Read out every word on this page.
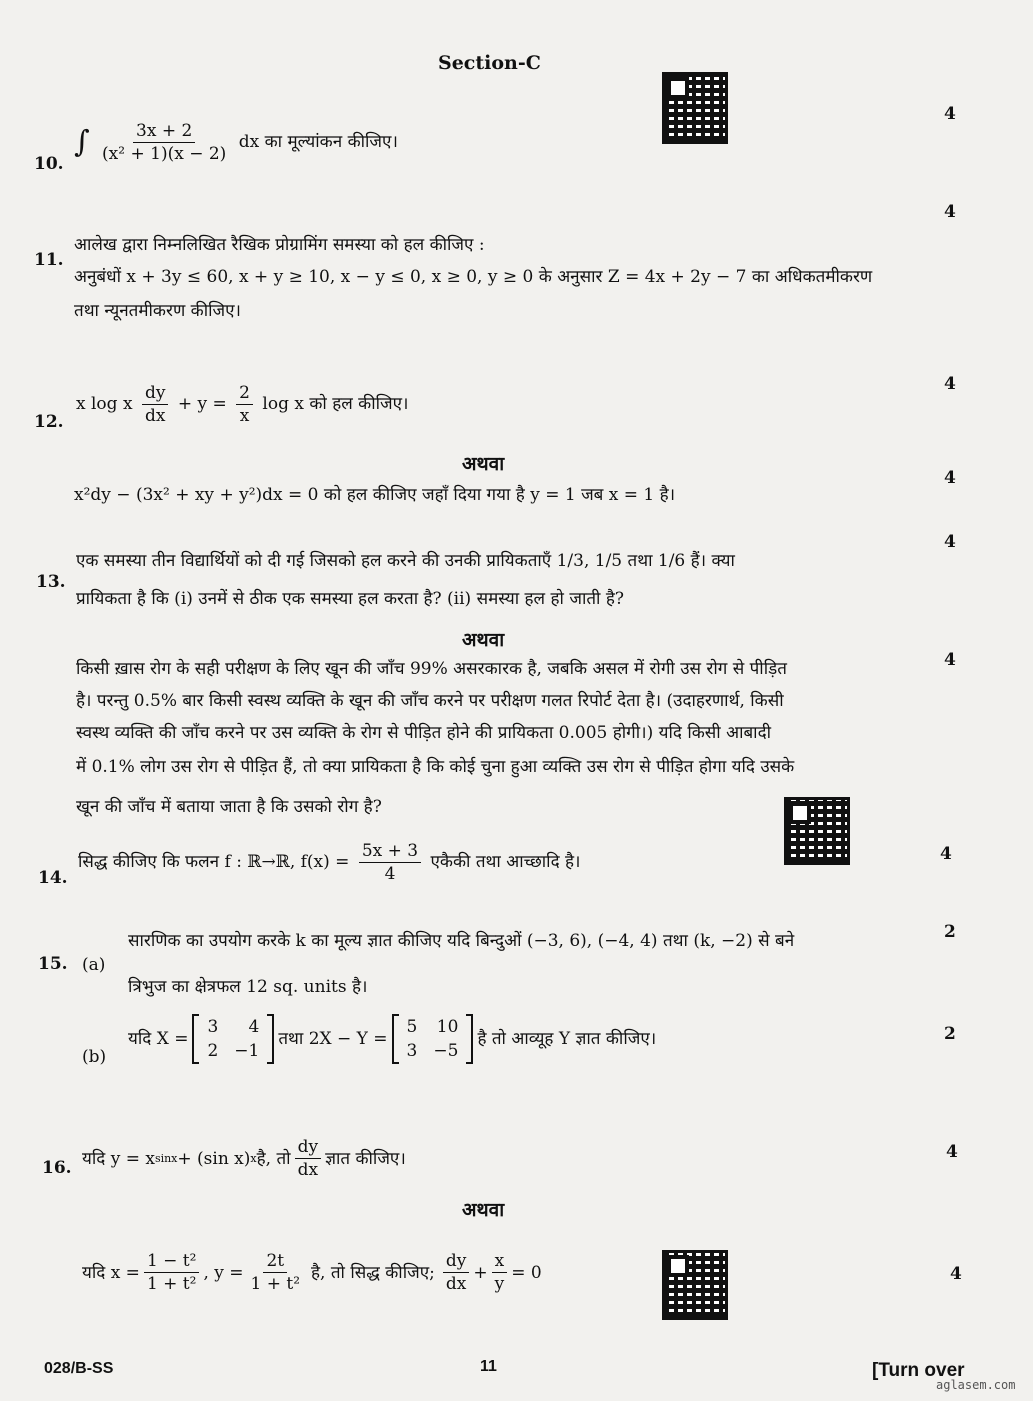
Section-C
10.
∫ $\frac{3x + 2}{\text{(x² + 1)(x − 2)}}$ dx का मूल्यांकन कीजिए।
4
4
11.
आलेख द्वारा निम्नलिखित रैखिक प्रोग्रामिंग समस्या को हल कीजिए :
अनुबंधों x + 3y ≤ 60, x + y ≥ 10, x − y ≤ 0, x ≥ 0, y ≥ 0 के अनुसार Z = 4x + 2y − 7 का अधिकतमीकरण
तथा न्यूनतमीकरण कीजिए।
4
12.
x log x $\frac{dy}{dx} + y = \frac{2}{x}$ log x को हल कीजिए।
अथवा
4
x²dy − (3x² + xy + y²)dx = 0 को हल कीजिए जहाँ दिया गया है y = 1 जब x = 1 है।
4
13.
एक समस्या तीन विद्यार्थियों को दी गई जिसको हल करने की उनकी प्रायिकताएँ 1/3, 1/5 तथा 1/6 हैं। क्या
प्रायिकता है कि (i) उनमें से ठीक एक समस्या हल करता है? (ii) समस्या हल हो जाती है?
अथवा
4
किसी ख़ास रोग के सही परीक्षण के लिए खून की जाँच 99% असरकारक है, जबकि असल में रोगी उस रोग से पीड़ित
है। परन्तु 0.5% बार किसी स्वस्थ व्यक्ति के खून की जाँच करने पर परीक्षण गलत रिपोर्ट देता है। (उदाहरणार्थ, किसी
स्वस्थ व्यक्ति की जाँच करने पर उस व्यक्ति के रोग से पीड़ित होने की प्रायिकता 0.005 होगी।) यदि किसी आबादी
में 0.1% लोग उस रोग से पीड़ित हैं, तो क्या प्रायिकता है कि कोई चुना हुआ व्यक्ति उस रोग से पीड़ित होगा यदि उसके
खून की जाँच में बताया जाता है कि उसको रोग है?
4
14.
सिद्ध कीजिए कि फलन f : ℝ→ℝ, $f(x) = \frac{5x + 3}{4}$ एकैकी तथा आच्छादि है।
2
15. (a)
सारणिक का उपयोग करके k का मूल्य ज्ञात कीजिए यदि बिन्दुओं (−3, 6), (−4, 4) तथा (k, −2) से बने
त्रिभुज का क्षेत्रफल 12 sq. units है।
2
(b)
यदि X =
3	4
2	−1
तथा 2X − Y =
5	10
3	−5
है तो आव्यूह Y ज्ञात कीजिए।
4
16. यदि y = x sinx + (sin x) x है, तो $\frac{dy}{dx}$ ज्ञात कीजिए।
अथवा
यदि $x = \frac{\text{1 − t²}}{\text{1 + t²}}$ , $y = \frac{2t}{\text{1 + t²}}$ है, तो सिद्ध कीजिए; $\frac{dy}{dx} + \frac{x}{y} = 0$	4
028/B-SS	11	[Turn over
aglasem.com
